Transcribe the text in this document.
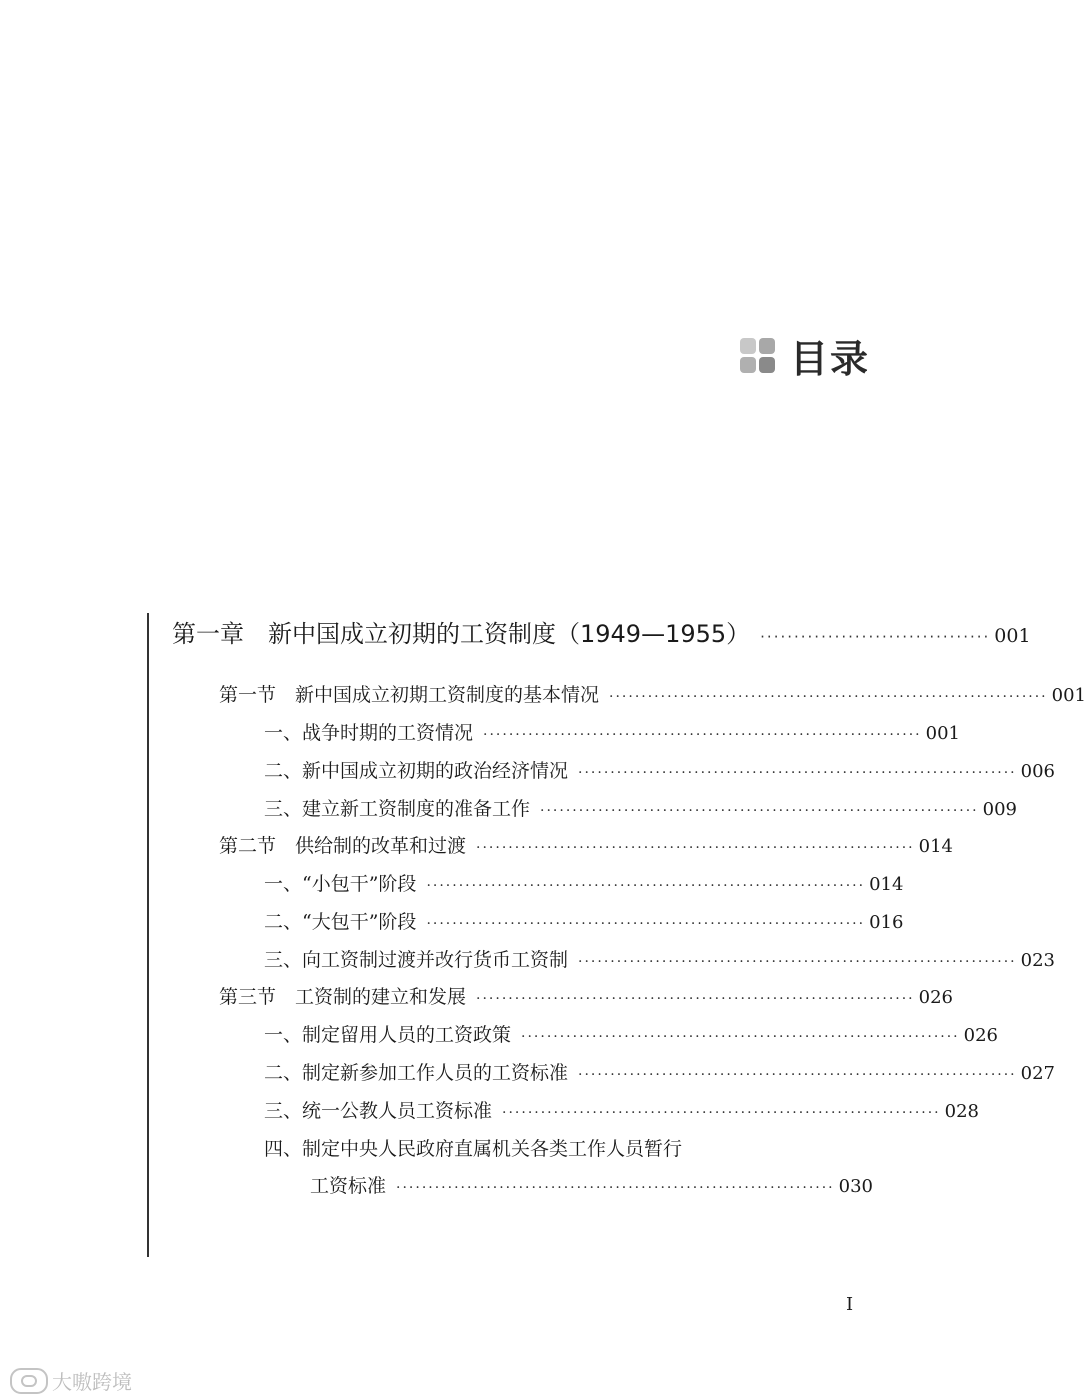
目录
第一章　新中国成立初期的工资制度（1949—1955） ·································· 001
第一节　新中国成立初期工资制度的基本情况 ···································································· 001
一、战争时期的工资情况 ···································································· 001
二、新中国成立初期的政治经济情况 ···································································· 006
三、建立新工资制度的准备工作 ···································································· 009
第二节　供给制的改革和过渡 ···································································· 014
一、“小包干”阶段 ···································································· 014
二、“大包干”阶段 ···································································· 016
三、向工资制过渡并改行货币工资制 ···································································· 023
第三节　工资制的建立和发展 ···································································· 026
一、制定留用人员的工资政策 ···································································· 026
二、制定新参加工作人员的工资标准 ···································································· 027
三、统一公教人员工资标准 ···································································· 028
四、制定中央人民政府直属机关各类工作人员暂行
工资标准 ···································································· 030
I
大嗷跨境
